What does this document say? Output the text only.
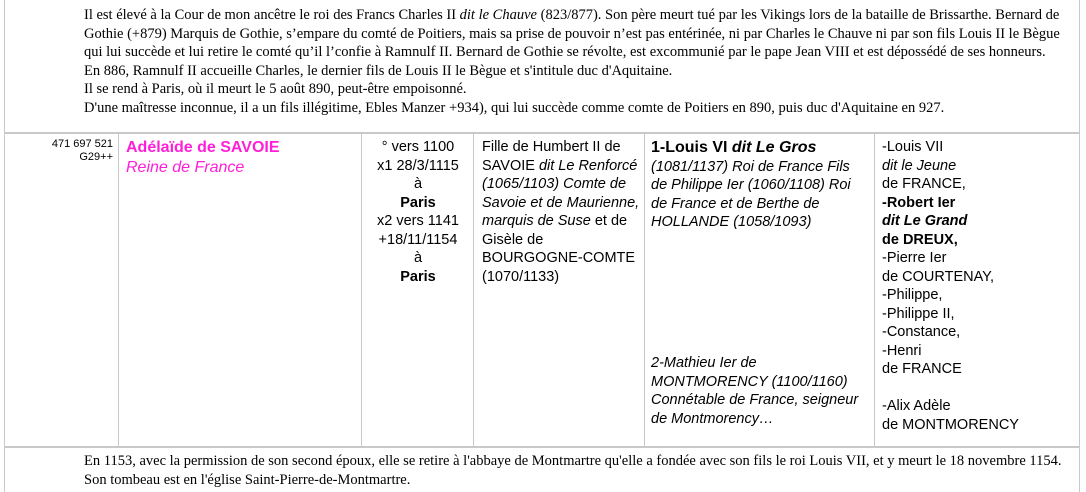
Il est élevé à la Cour de mon ancêtre le roi des Francs Charles II dit le Chauve (823/877). Son père meurt tué par les Vikings lors de la bataille de Brissarthe. Bernard de Gothie (+879) Marquis de Gothie, s’empare du comté de Poitiers, mais sa prise de pouvoir n’est pas entérinée, ni par Charles le Chauve ni par son fils Louis II le Bègue qui lui succède et lui retire le comté qu’il l’confie à Ramnulf II. Bernard de Gothie se révolte, est excommunié par le pape Jean VIII et est dépossédé de ses honneurs.

En 886, Ramnulf II accueille Charles, le dernier fils de Louis II le Bègue et s'intitule duc d'Aquitaine.

Il se rend à Paris, où il meurt le 5 août 890, peut-être empoisonné.

D'une maîtresse inconnue, il a un fils illégitime, Ebles Manzer +934), qui lui succède comme comte de Poitiers en 890, puis duc d'Aquitaine en 927.

471 697 521
G29++
Adélaïde de SAVOIE
Reine de France
° vers 1100
x1 28/3/1115
à
Paris
x2 vers 1141
+18/11/1154
à
Paris
Fille de Humbert II de SAVOIE dit Le Renforcé (1065/1103) Comte de Savoie et de Maurienne, marquis de Suse et de Gisèle de BOURGOGNE-COMTE (1070/1133)
1-Louis VI dit Le Gros
(1081/1137) Roi de France Fils de Philippe Ier (1060/1108) Roi de France et de Berthe de HOLLANDE (1058/1093)
2-Mathieu Ier de MONTMORENCY (1100/1160) Connétable de France, seigneur de Montmorency…
-Louis VII
dit le Jeune
de FRANCE,
-Robert Ier
dit Le Grand
de DREUX,
-Pierre Ier
de COURTENAY,
-Philippe,
-Philippe II,
-Constance,
-Henri
de FRANCE
-Alix Adèle
de MONTMORENCY

En 1153, avec la permission de son second époux, elle se retire à l'abbaye de Montmartre qu'elle a fondée avec son fils le roi Louis VII, et y meurt le 18 novembre 1154. Son tombeau est en l'église Saint-Pierre-de-Montmartre.
